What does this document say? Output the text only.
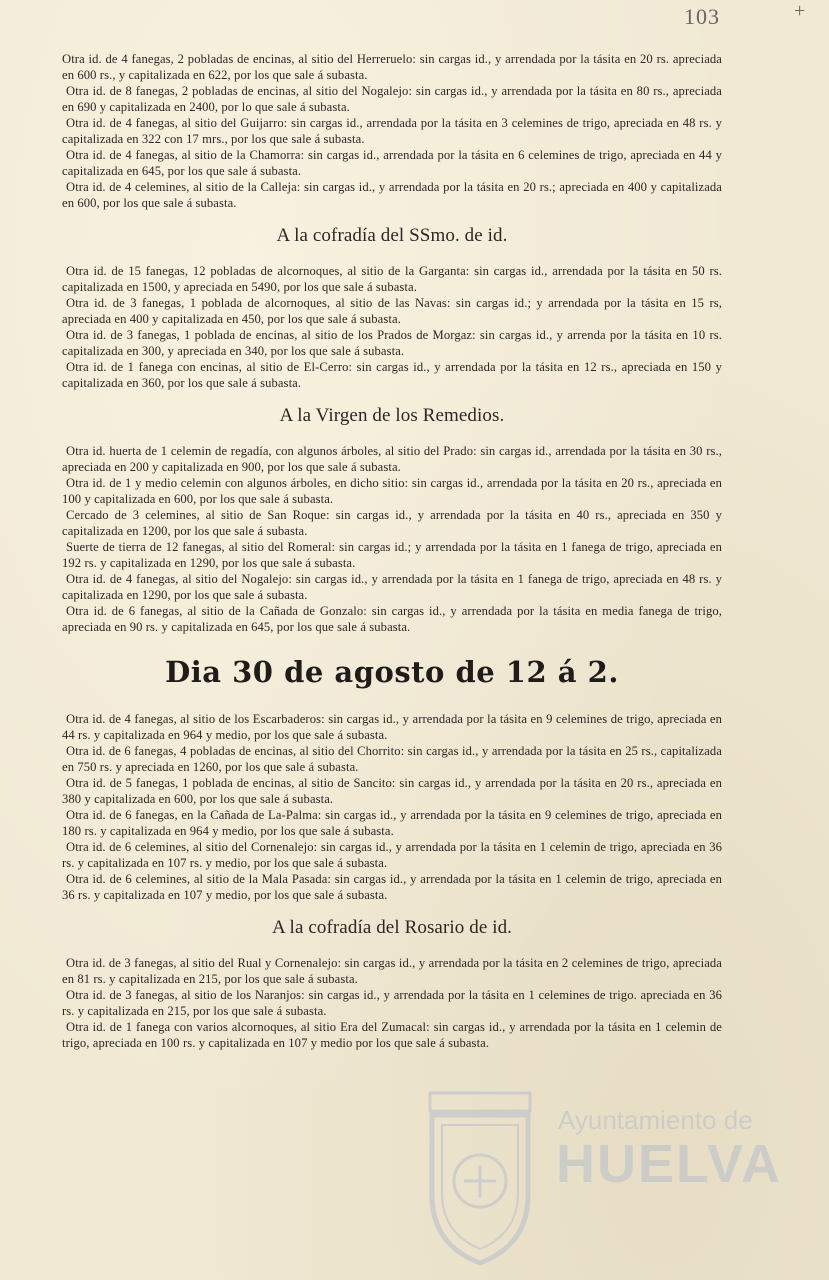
103	+

Otra id. de 4 fanegas, 2 pobladas de encinas, al sitio del Herreruelo: sin cargas id., y arrendada por la tásita en 20 rs. apreciada en 600 rs., y capitalizada en 622, por los que sale á subasta.

Otra id. de 8 fanegas, 2 pobladas de encinas, al sitio del Nogalejo: sin cargas id., y arrendada por la tásita en 80 rs., apreciada en 690 y capitalizada en 2400, por lo que sale á subasta.

Otra id. de 4 fanegas, al sitio del Guijarro: sin cargas id., arrendada por la tásita en 3 celemines de trigo, apreciada en 48 rs. y capitalizada en 322 con 17 mrs., por los que sale á subasta.

Otra id. de 4 fanegas, al sitio de la Chamorra: sin cargas id., arrendada por la tásita en 6 celemines de trigo, apreciada en 44 y capitalizada en 645, por los que sale á subasta.

Otra id. de 4 celemines, al sitio de la Calleja: sin cargas id., y arrendada por la tásita en 20 rs.; apreciada en 400 y capitalizada en 600, por los que sale á subasta.

A la cofradía del SSmo. de id.

Otra id. de 15 fanegas, 12 pobladas de alcornoques, al sitio de la Garganta: sin cargas id., arrendada por la tásita en 50 rs. capitalizada en 1500, y apreciada en 5490, por los que sale á subasta.

Otra id. de 3 fanegas, 1 poblada de alcornoques, al sitio de las Navas: sin cargas id.; y arrendada por la tásita en 15 rs, apreciada en 400 y capitalizada en 450, por los que sale á subasta.

Otra id. de 3 fanegas, 1 poblada de encinas, al sitio de los Prados de Morgaz: sin cargas id., y arrenda por la tásita en 10 rs. capitalizada en 300, y apreciada en 340, por los que sale á subasta.

Otra id. de 1 fanega con encinas, al sitio de El-Cerro: sin cargas id., y arrendada por la tásita en 12 rs., apreciada en 150 y capitalizada en 360, por los que sale á subasta.

A la Virgen de los Remedios.

Otra id. huerta de 1 celemin de regadía, con algunos árboles, al sitio del Prado: sin cargas id., arrendada por la tásita en 30 rs., apreciada en 200 y capitalizada en 900, por los que sale á subasta.

Otra id. de 1 y medio celemin con algunos árboles, en dicho sitio: sin cargas id., arrendada por la tásita en 20 rs., apreciada en 100 y capitalizada en 600, por los que sale á subasta.

Cercado de 3 celemines, al sitio de San Roque: sin cargas id., y arrendada por la tásita en 40 rs., apreciada en 350 y capitalizada en 1200, por los que sale á subasta.

Suerte de tierra de 12 fanegas, al sitio del Romeral: sin cargas id.; y arrendada por la tásita en 1 fanega de trigo, apreciada en 192 rs. y capitalizada en 1290, por los que sale á subasta.

Otra id. de 4 fanegas, al sitio del Nogalejo: sin cargas id., y arrendada por la tásita en 1 fanega de trigo, apreciada en 48 rs. y capitalizada en 1290, por los que sale á subasta.

Otra id. de 6 fanegas, al sitio de la Cañada de Gonzalo: sin cargas id., y arrendada por la tásita en media fanega de trigo, apreciada en 90 rs. y capitalizada en 645, por los que sale á subasta.

Dia 30 de agosto de 12 á 2.

Otra id. de 4 fanegas, al sitio de los Escarbaderos: sin cargas id., y arrendada por la tásita en 9 celemines de trigo, apreciada en 44 rs. y capitalizada en 964 y medio, por los que sale á subasta.

Otra id. de 6 fanegas, 4 pobladas de encinas, al sitio del Chorrito: sin cargas id., y arrendada por la tásita en 25 rs., capitalizada en 750 rs. y apreciada en 1260, por los que sale á subasta.

Otra id. de 5 fanegas, 1 poblada de encinas, al sitio de Sancito: sin cargas id., y arrendada por la tásita en 20 rs., apreciada en 380 y capitalizada en 600, por los que sale á subasta.

Otra id. de 6 fanegas, en la Cañada de La-Palma: sin cargas id., y arrendada por la tásita en 9 celemines de trigo, apreciada en 180 rs. y capitalizada en 964 y medio, por los que sale á subasta.

Otra id. de 6 celemines, al sitio del Cornenalejo: sin cargas id., y arrendada por la tásita en 1 celemin de trigo, apreciada en 36 rs. y capitalizada en 107 rs. y medio, por los que sale á subasta.

Otra id. de 6 celemines, al sitio de la Mala Pasada: sin cargas id., y arrendada por la tásita en 1 celemin de trigo, apreciada en 36 rs. y capitalizada en 107 y medio, por los que sale á subasta.

A la cofradía del Rosario de id.

Otra id. de 3 fanegas, al sitio del Rual y Cornenalejo: sin cargas id., y arrendada por la tásita en 2 celemines de trigo, apreciada en 81 rs. y capitalizada en 215, por los que sale á subasta.

Otra id. de 3 fanegas, al sitio de los Naranjos: sin cargas id., y arrendada por la tásita en 1 celemines de trigo. apreciada en 36 rs. y capitalizada en 215, por los que sale á subasta.

Otra id. de 1 fanega con varios alcornoques, al sitio Era del Zumacal: sin cargas id., y arrendada por la tásita en 1 celemin de trigo, apreciada en 100 rs. y capitalizada en 107 y medio por los que sale á subasta.

Ayuntamiento de
HUELVA
